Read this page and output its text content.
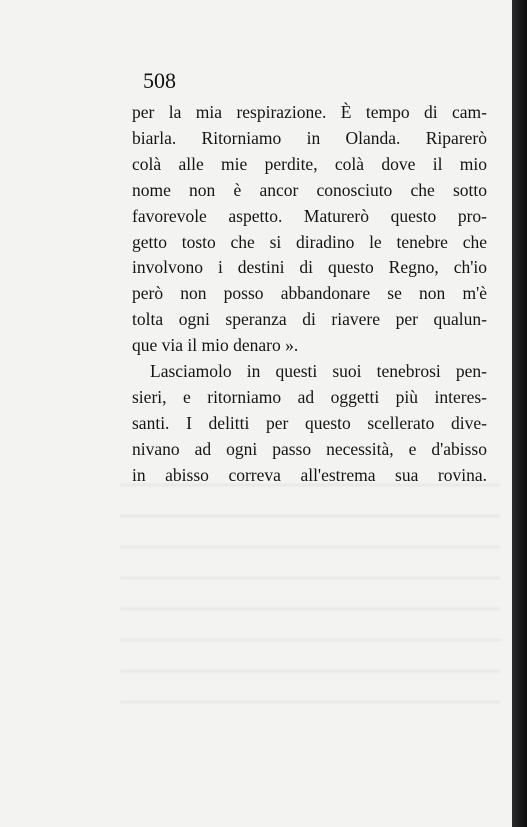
508
per la mia respirazione. È tempo di cam-
biarla. Ritorniamo in Olanda. Riparerò
colà alle mie perdite, colà dove il mio
nome non è ancor conosciuto che sotto
favorevole aspetto. Maturerò questo pro-
getto tosto che si diradino le tenebre che
involvono i destini di questo Regno, ch'io
però non posso abbandonare se non m'è
tolta ogni speranza di riavere per qualun-
que via il mio denaro ».
Lasciamolo in questi suoi tenebrosi pen-
sieri, e ritorniamo ad oggetti più interes-
santi. I delitti per questo scellerato dive-
nivano ad ogni passo necessità, e d'abisso
in abisso correva all'estrema sua rovina.
